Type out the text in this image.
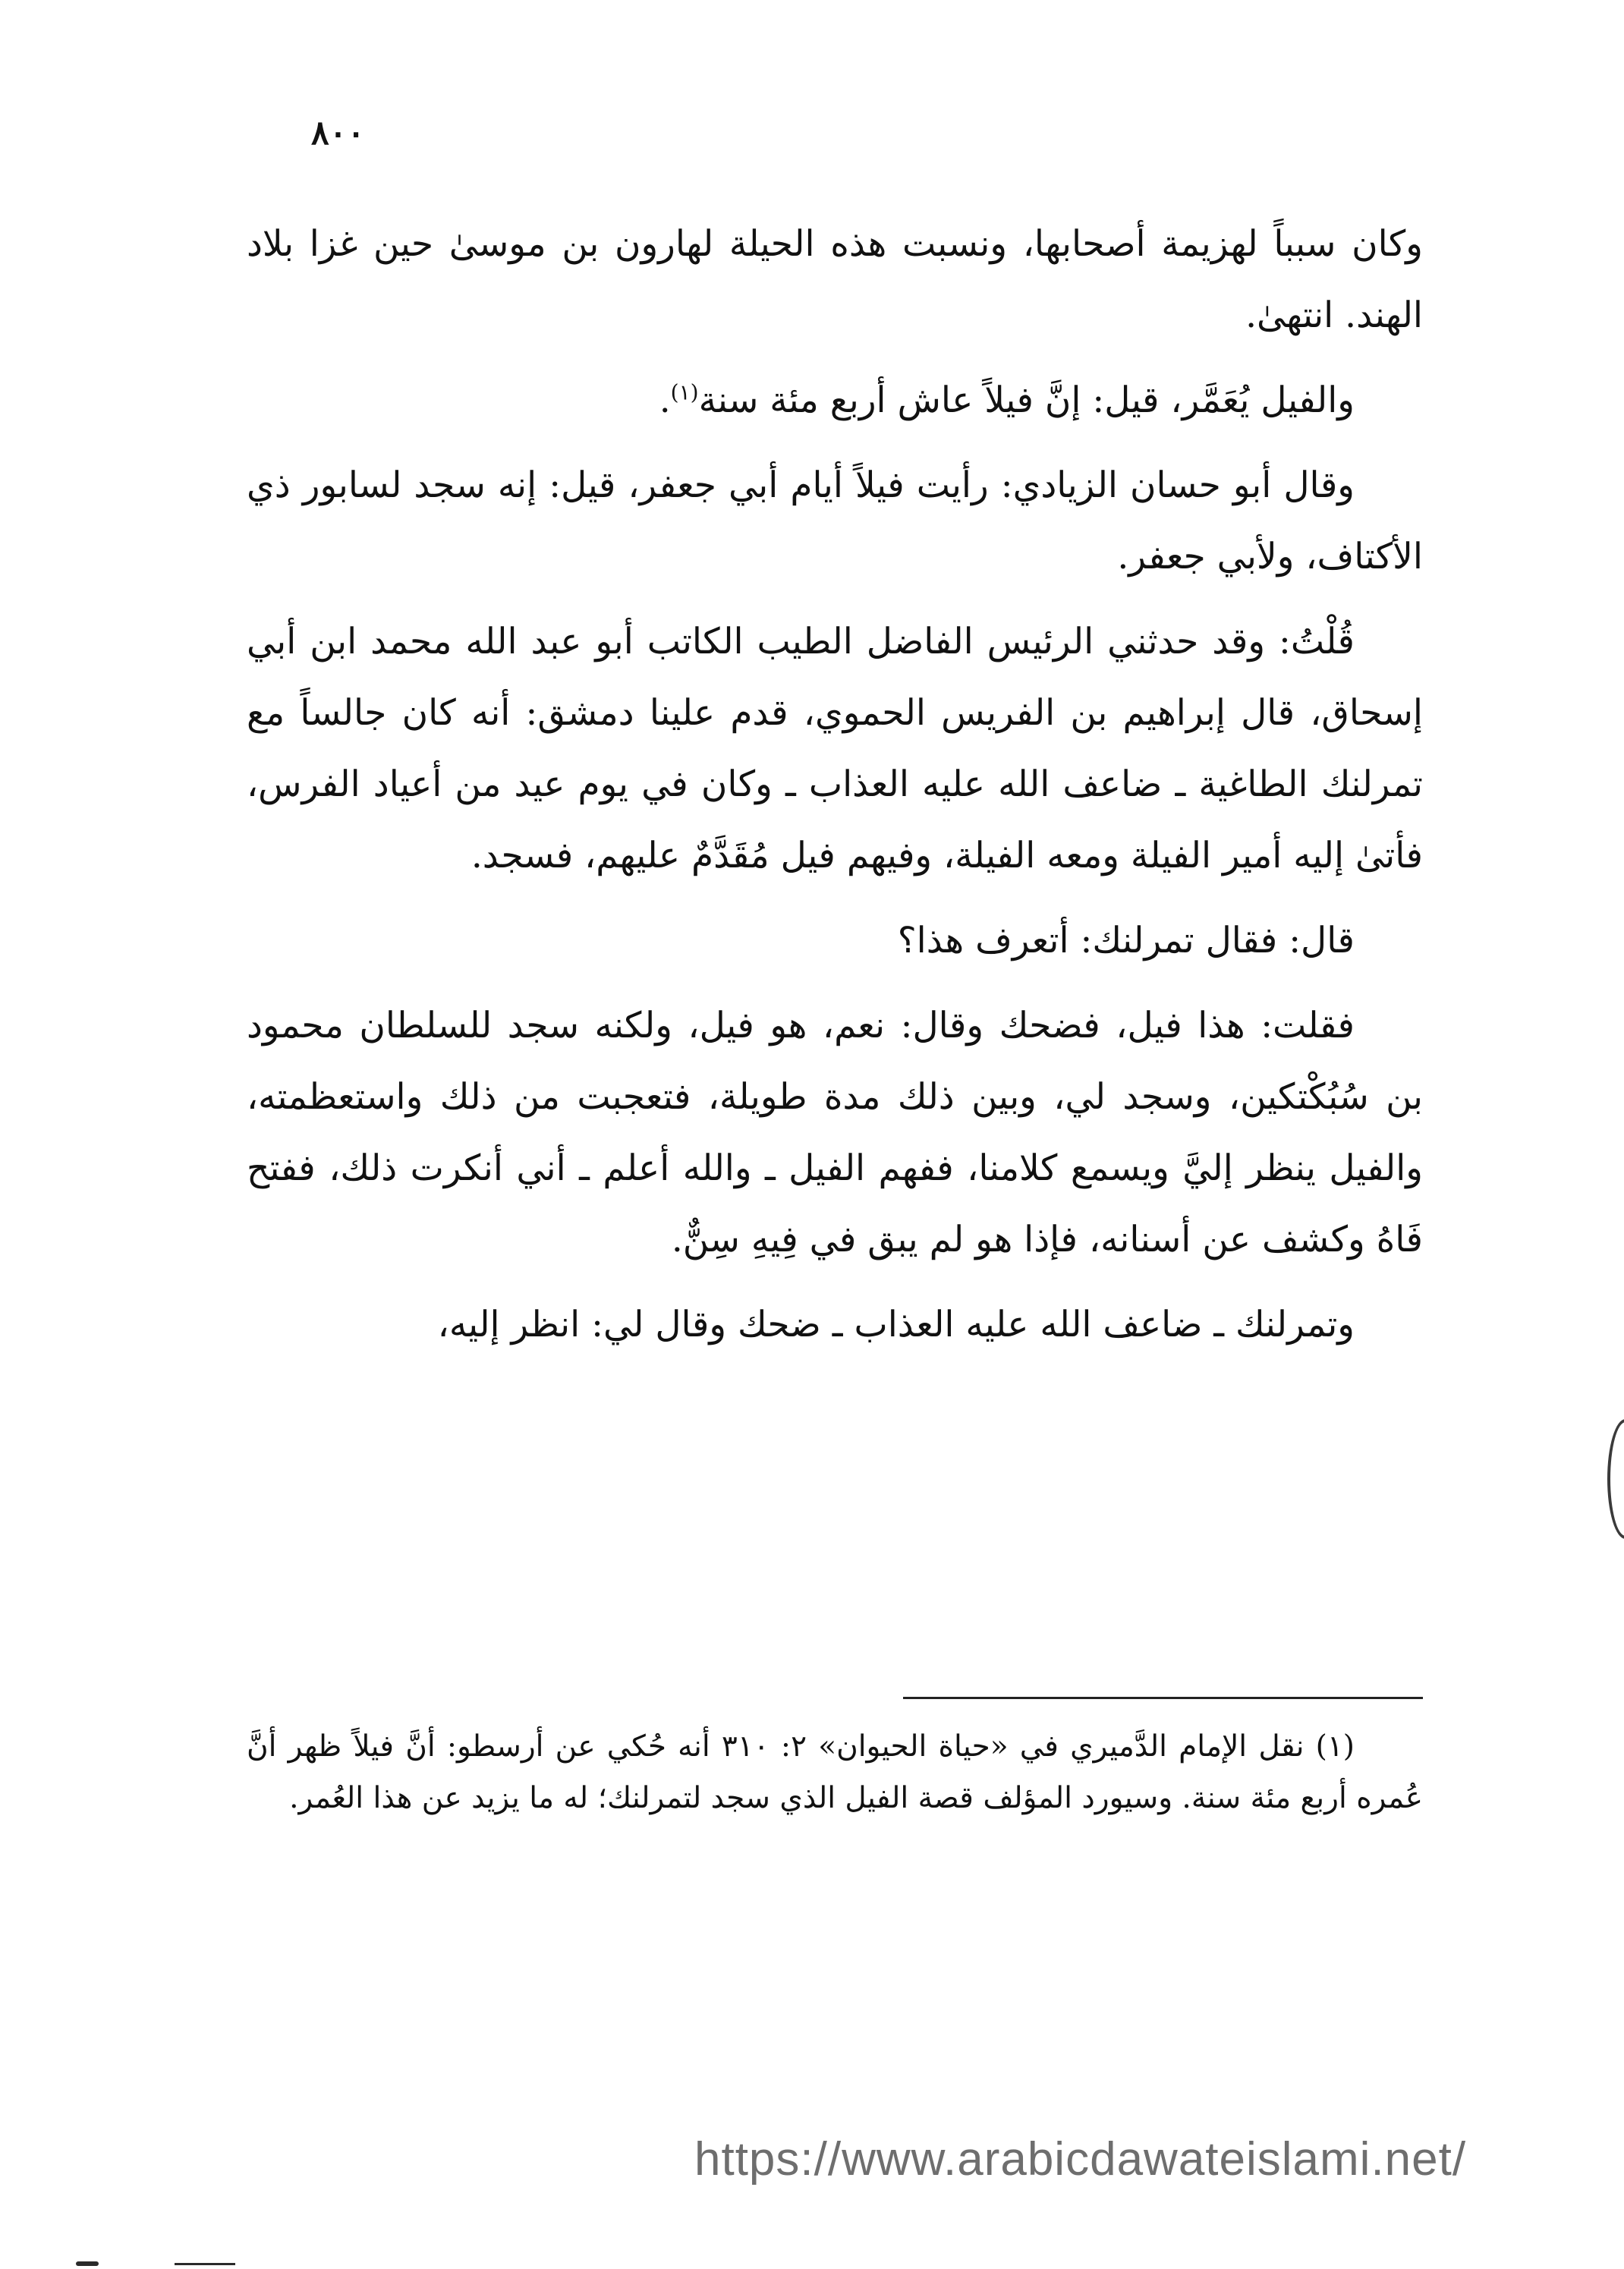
٨٠٠

وكان سبباً لهزيمة أصحابها، ونسبت هذه الحيلة لهارون بن موسىٰ حين غزا بلاد الهند. انتهىٰ.

والفيل يُعَمَّر، قيل: إنَّ فيلاً عاش أربع مئة سنة$^{(١)}$.

وقال أبو حسان الزيادي: رأيت فيلاً أيام أبي جعفر، قيل: إنه سجد لسابور ذي الأكتاف، ولأبي جعفر.

قُلْتُ: وقد حدثني الرئيس الفاضل الطيب الكاتب أبو عبد الله محمد ابن أبي إسحاق، قال إبراهيم بن الفريس الحموي، قدم علينا دمشق: أنه كان جالساً مع تمرلنك الطاغية ـ ضاعف الله عليه العذاب ـ وكان في يوم عيد من أعياد الفرس، فأتىٰ إليه أمير الفيلة ومعه الفيلة، وفيهم فيل مُقَدَّمٌ عليهم، فسجد.

قال: فقال تمرلنك: أتعرف هذا؟

فقلت: هذا فيل، فضحك وقال: نعم، هو فيل، ولكنه سجد للسلطان محمود بن سُبُكْتكين، وسجد لي، وبين ذلك مدة طويلة، فتعجبت من ذلك واستعظمته، والفيل ينظر إليَّ ويسمع كلامنا، ففهم الفيل ـ والله أعلم ـ أني أنكرت ذلك، ففتح فَاهُ وكشف عن أسنانه، فإذا هو لم يبق في فِيهِ سِنٌّ.

وتمرلنك ـ ضاعف الله عليه العذاب ـ ضحك وقال لي: انظر إليه،

(١) نقل الإمام الدَّميري في «حياة الحيوان» ٢: ٣١٠ أنه حُكي عن أرسطو: أنَّ فيلاً ظهر أنَّ عُمره أربع مئة سنة. وسيورد المؤلف قصة الفيل الذي سجد لتمرلنك؛ له ما يزيد عن هذا العُمر.

https://www.arabicdawateislami.net/
